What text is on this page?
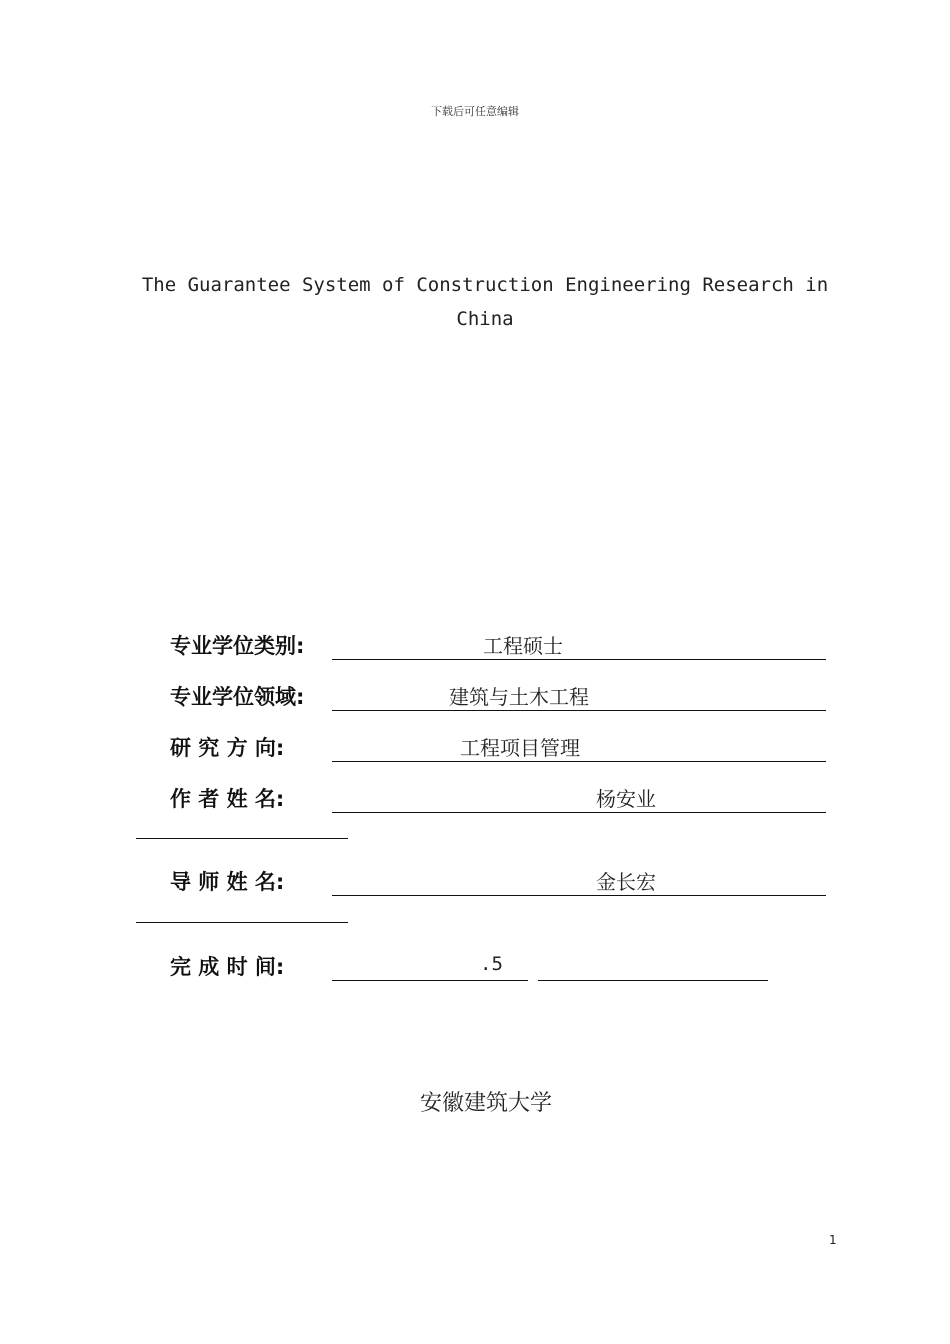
下载后可任意编辑
The Guarantee System of Construction Engineering Research in China
专业学位类别:	工程硕士
专业学位领域:	建筑与土木工程
研 究 方 向:	工程项目管理
作 者 姓 名:	杨安业
导 师 姓 名:	金长宏
完 成 时 间:	.5
安徽建筑大学
1
